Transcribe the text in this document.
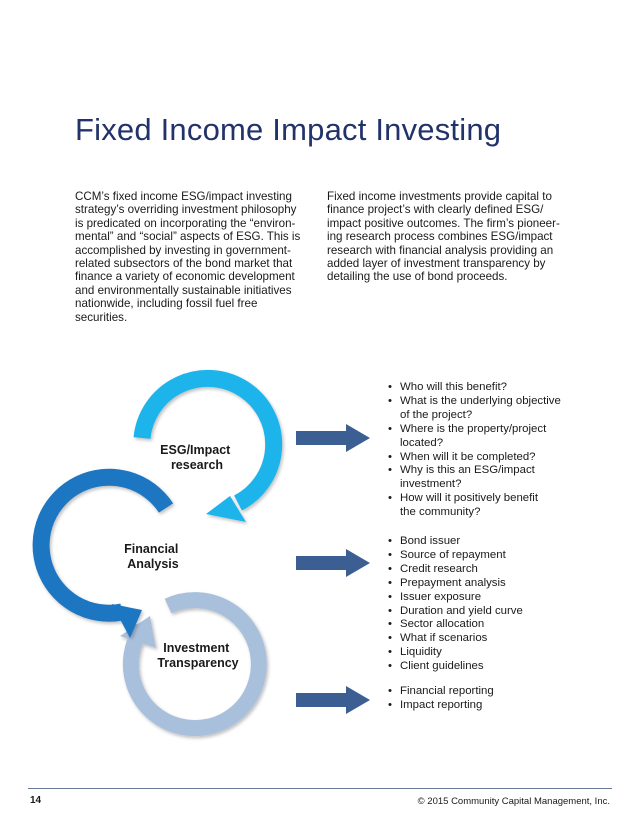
Fixed Income Impact Investing
CCM’s fixed income ESG/impact investing
strategy’s overriding investment philosophy
is predicated on incorporating the “environ-
mental” and “social” aspects of ESG. This is
accomplished by investing in government-
related subsectors of the bond market that
finance a variety of economic development
and environmentally sustainable initiatives
nationwide, including fossil fuel free
securities.
Fixed income investments provide capital to
finance project’s with clearly defined ESG/
impact positive outcomes. The firm’s pioneer-
ing research process combines ESG/impact
research with financial analysis providing an
added layer of investment transparency by
detailing the use of bond proceeds.
ESG/Impact research
Financial Analysis
Investment Transparency
• Who will this benefit?
• What is the underlying objective
of the project?
• Where is the property/project
located?
• When will it be completed?
• Why is this an ESG/impact
investment?
• How will it positively benefit
the community?
• Bond issuer
• Source of repayment
• Credit research
• Prepayment analysis
• Issuer exposure
• Duration and yield curve
• Sector allocation
• What if scenarios
• Liquidity
• Client guidelines
• Financial reporting
• Impact reporting
14	© 2015 Community Capital Management, Inc.
